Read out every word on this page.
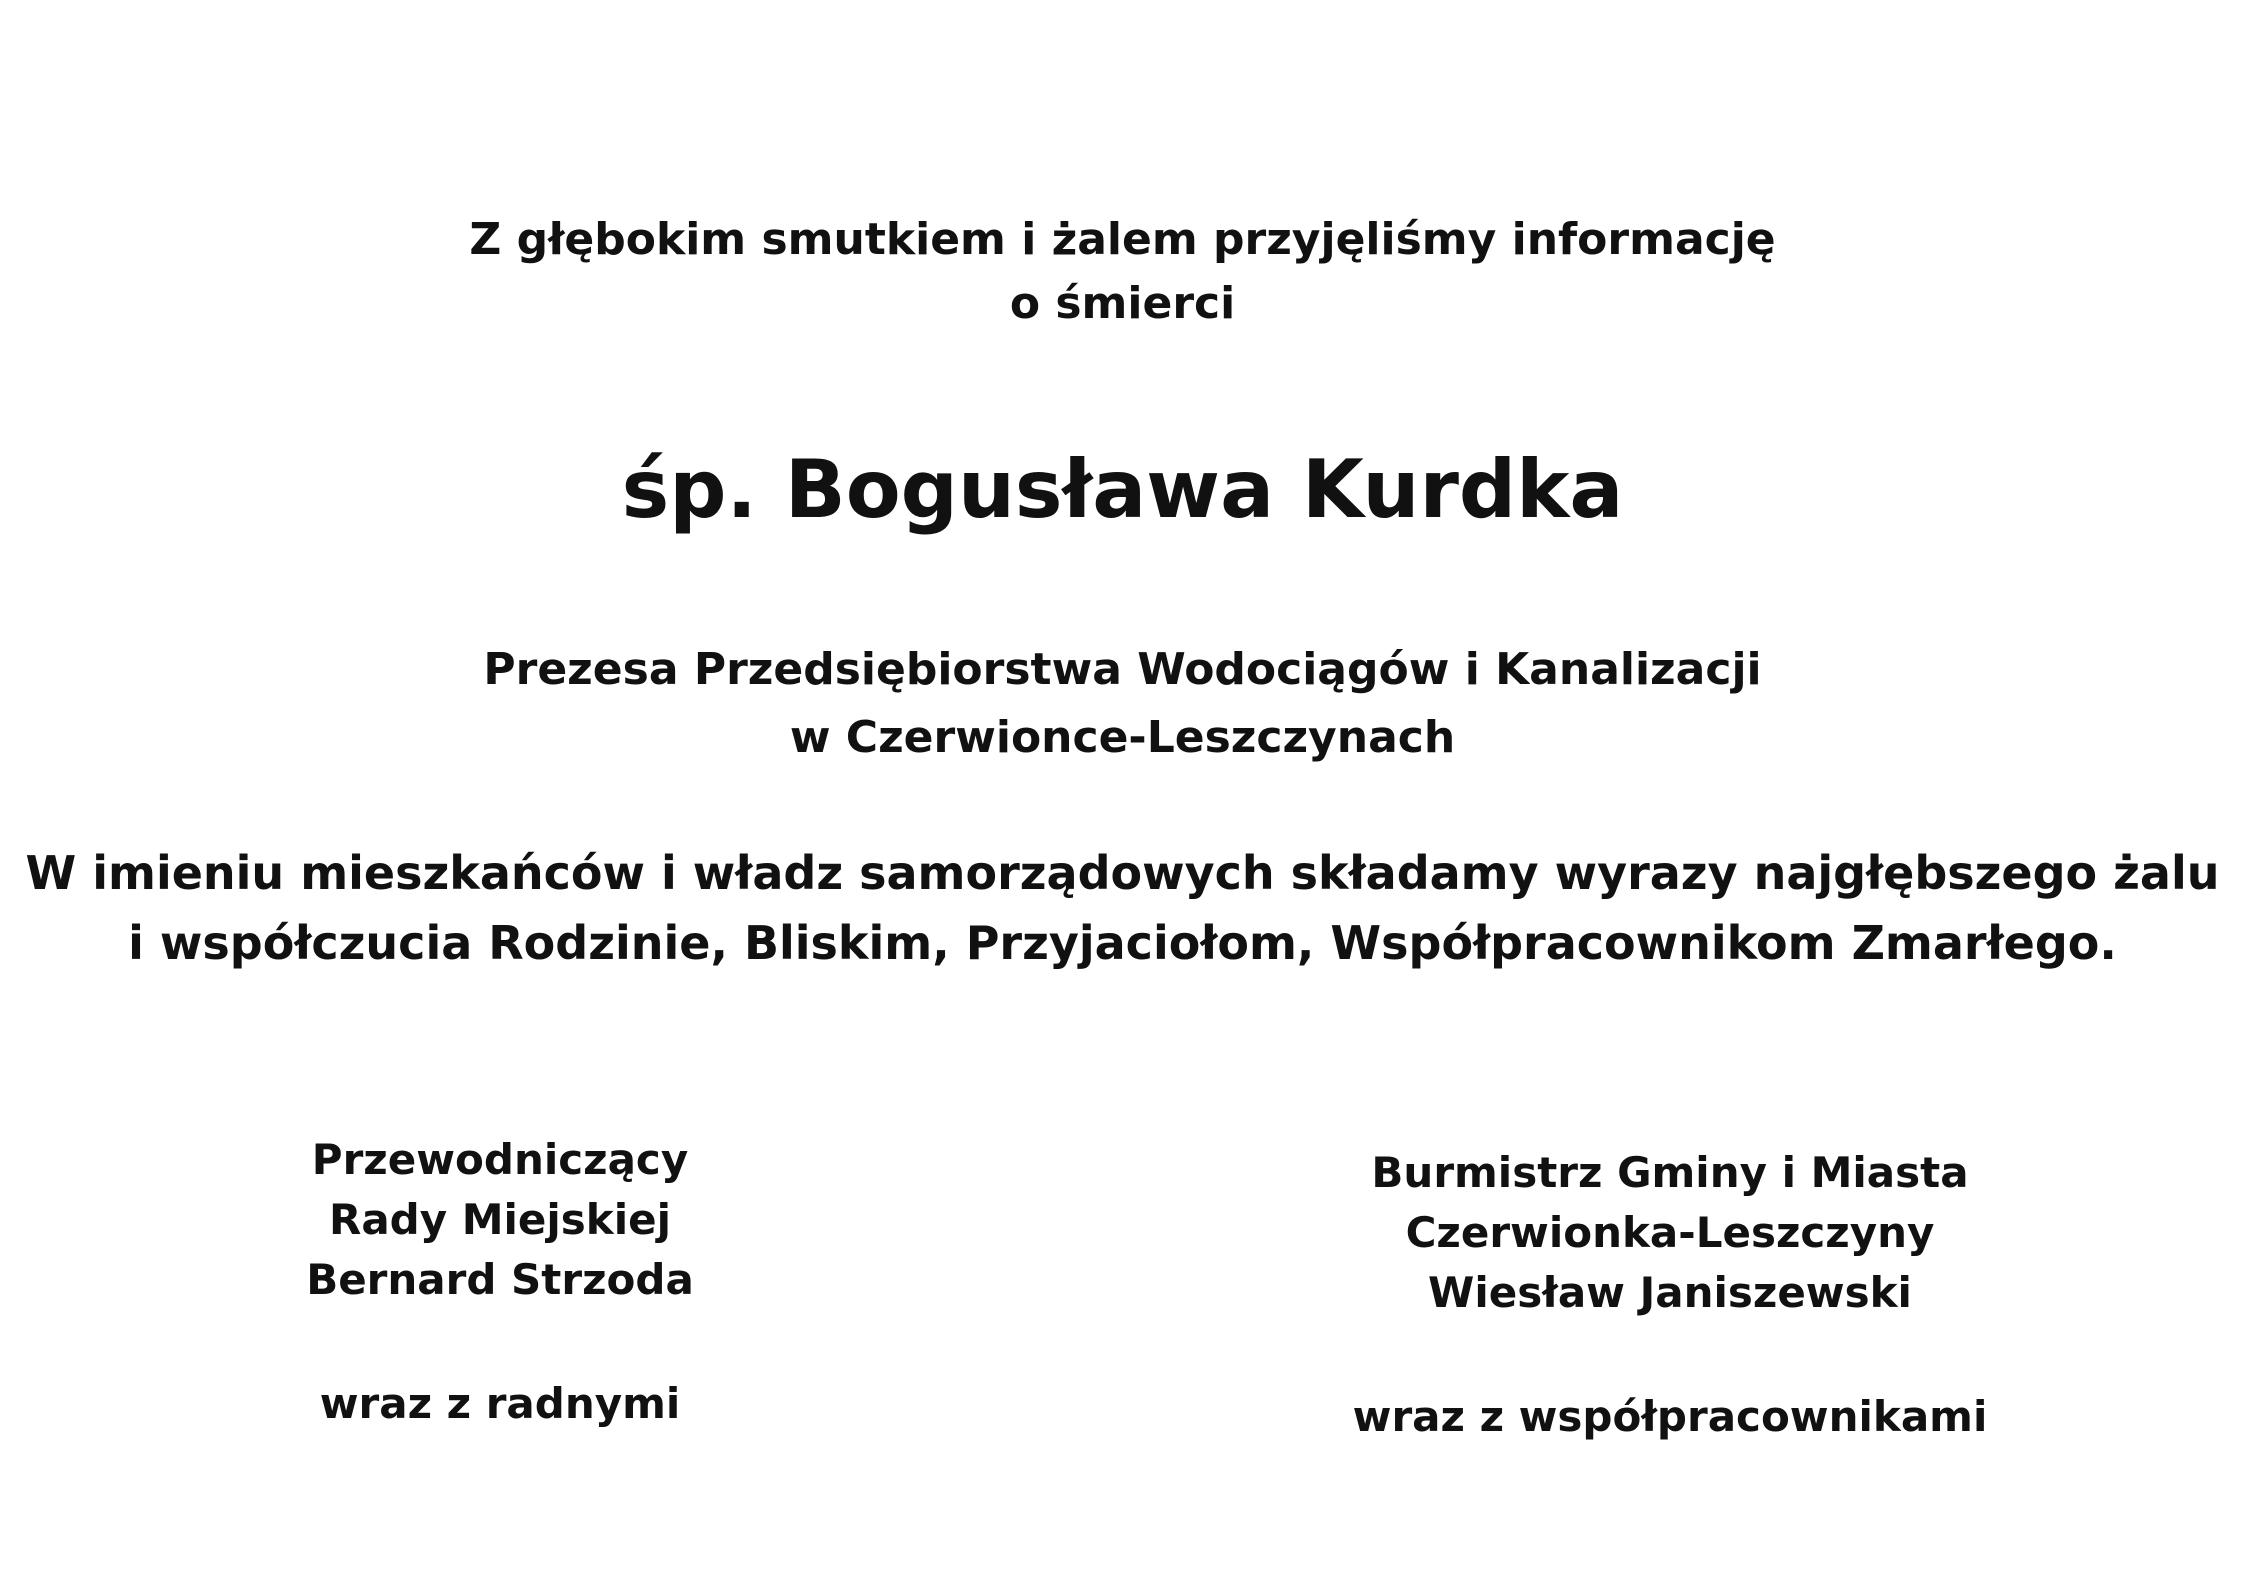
Z głębokim smutkiem i żalem przyjęliśmy informację
o śmierci
śp. Bogusława Kurdka
Prezesa Przedsiębiorstwa Wodociągów i Kanalizacji
w Czerwionce-Leszczynach
W imieniu mieszkańców i władz samorządowych składamy wyrazy najgłębszego żalu
i współczucia Rodzinie, Bliskim, Przyjaciołom, Współpracownikom Zmarłego.
Przewodniczący
Rady Miejskiej
Bernard Strzoda
wraz z radnymi
Burmistrz Gminy i Miasta
Czerwionka-Leszczyny
Wiesław Janiszewski
wraz z współpracownikami
